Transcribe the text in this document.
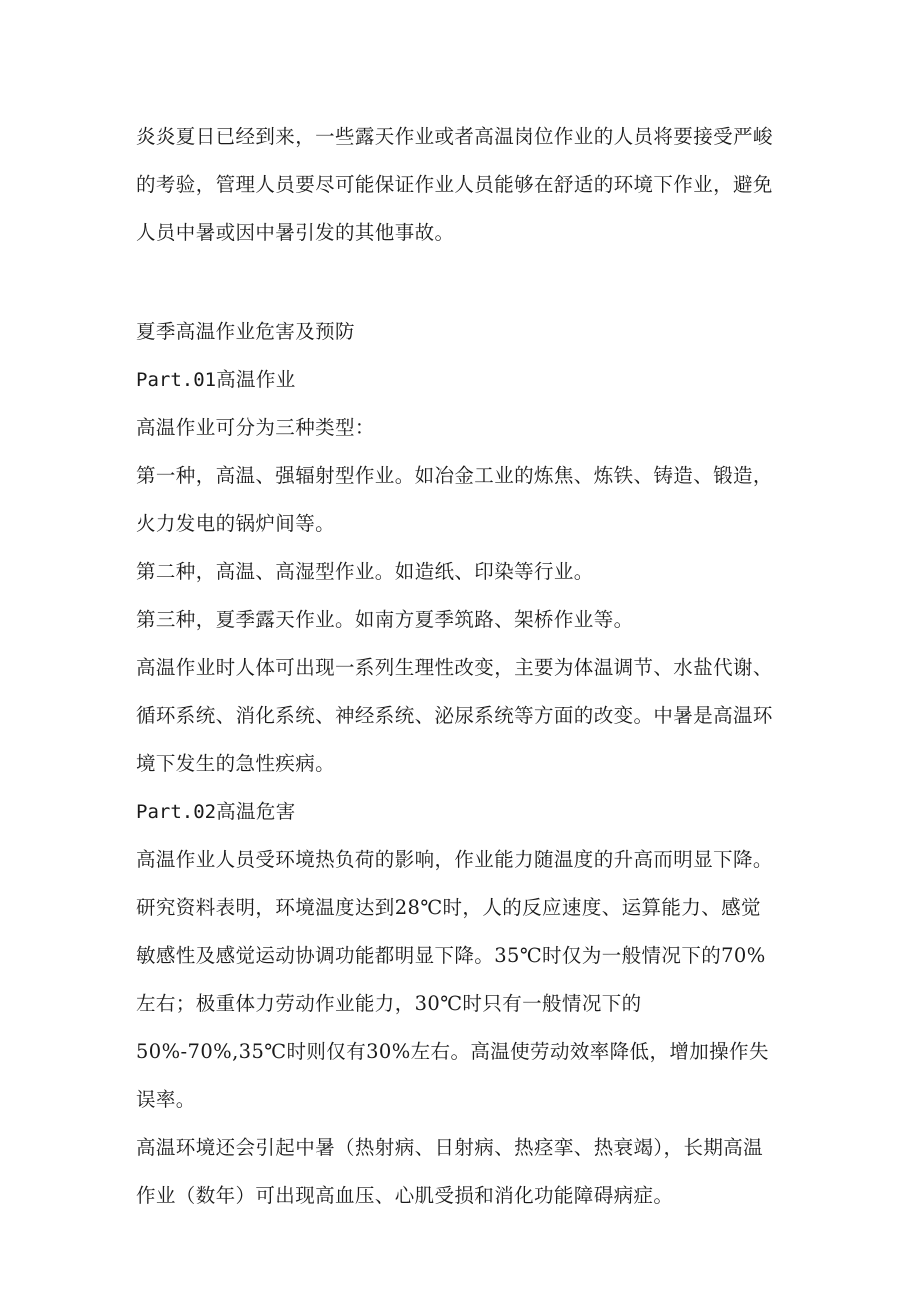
炎炎夏日已经到来，一些露天作业或者高温岗位作业的人员将要接受严峻的考验，管理人员要尽可能保证作业人员能够在舒适的环境下作业，避免人员中暑或因中暑引发的其他事故。

夏季高温作业危害及预防

Part.01高温作业

高温作业可分为三种类型：

第一种，高温、强辐射型作业。如冶金工业的炼焦、炼铁、铸造、锻造，火力发电的锅炉间等。

第二种，高温、高湿型作业。如造纸、印染等行业。

第三种，夏季露天作业。如南方夏季筑路、架桥作业等。

高温作业时人体可出现一系列生理性改变，主要为体温调节、水盐代谢、循环系统、消化系统、神经系统、泌尿系统等方面的改变。中暑是高温环境下发生的急性疾病。

Part.02高温危害

高温作业人员受环境热负荷的影响，作业能力随温度的升高而明显下降。研究资料表明，环境温度达到28℃时，人的反应速度、运算能力、感觉敏感性及感觉运动协调功能都明显下降。35℃时仅为一般情况下的70%左右；极重体力劳动作业能力，30℃时只有一般情况下的50%-70%,35℃时则仅有30%左右。高温使劳动效率降低，增加操作失误率。

高温环境还会引起中暑（热射病、日射病、热痉挛、热衰竭），长期高温作业（数年）可出现高血压、心肌受损和消化功能障碍病症。
